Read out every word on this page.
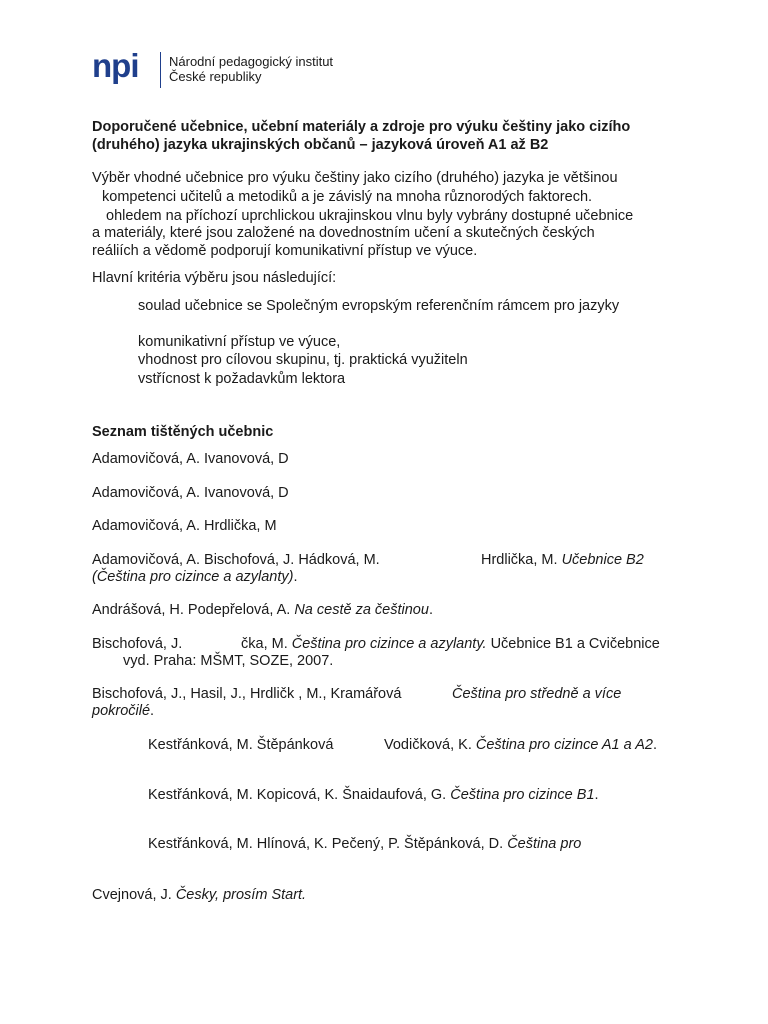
npi Národní pedagogický institut
České republiky
Doporučené učebnice, učební materiály a zdroje pro výuku češtiny jako cizího
(druhého) jazyka ukrajinských občanů – jazyková úroveň A1 až B2
Výběr vhodné učebnice pro výuku češtiny jako cizího (druhého) jazyka je většinou
kompetenci učitelů a metodiků a je závislý na mnoha různorodých faktorech.
ohledem na příchozí uprchlickou ukrajinskou vlnu byly vybrány dostupné učebnice
a materiály, které jsou založené na dovednostním učení a skutečných českých
reáliích a vědomě podporují komunikativní přístup ve výuce.
Hlavní kritéria výběru jsou následující:
soulad učebnice se Společným evropským referenčním rámcem pro jazyky
komunikativní přístup ve výuce,
vhodnost pro cílovou skupinu, tj. praktická využiteln
vstřícnost k požadavkům lektora
Seznam tištěných učebnic
Adamovičová, A. Ivanovová, D
Adamovičová, A. Ivanovová, D
Adamovičová, A. Hrdlička, M
Adamovičová, A. Bischofová, J. Hádková, M.	Hrdlička, M. Učebnice B2
(Čeština pro cizince a azylanty).
Andrášová, H. Podepřelová, A. Na cestě za češtinou.
Bischofová, J.	čka, M. Čeština pro cizince a azylanty. Učebnice B1 a Cvičebnice
vyd. Praha: MŠMT, SOZE, 2007.
Bischofová, J., Hasil, J., Hrdličk , M., Kramářová	Čeština pro středně a více
pokročilé.
Kestřánková, M. Štěpánková	Vodičková, K. Čeština pro cizince A1 a A2.
Kestřánková, M. Kopicová, K. Šnaidaufová, G. Čeština pro cizince B1.
Kestřánková, M. Hlínová, K. Pečený, P. Štěpánková, D. Čeština pro
Cvejnová, J. Česky, prosím Start.
